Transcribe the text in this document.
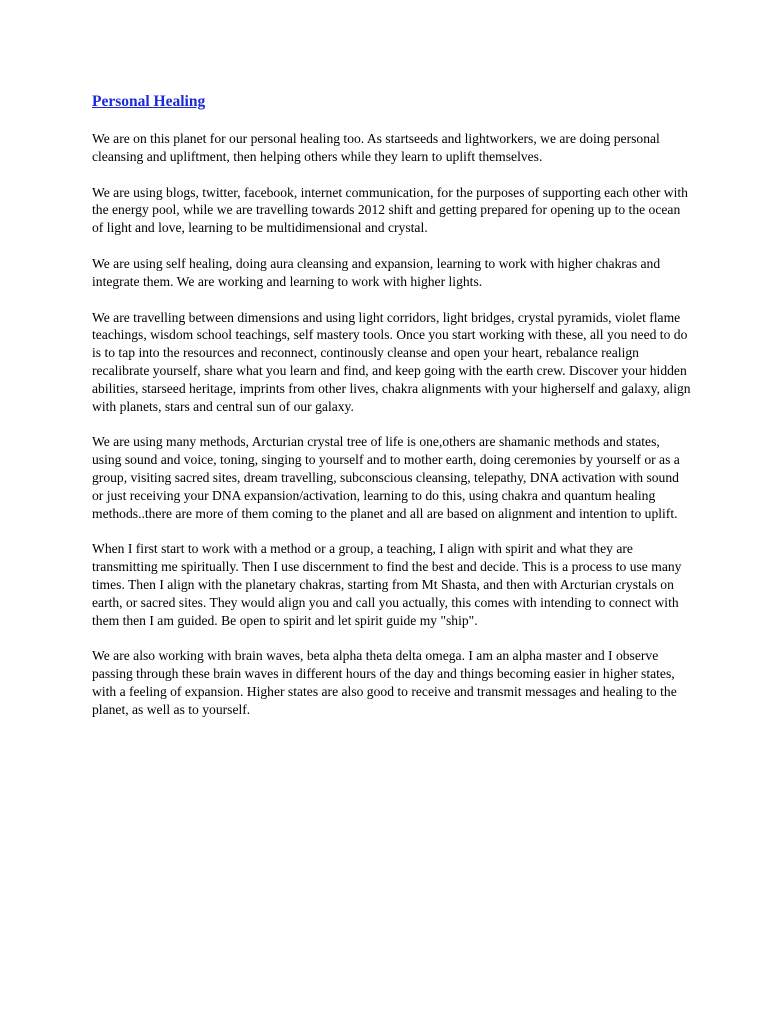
Personal Healing

We are on this planet for our personal healing too. As startseeds and lightworkers, we are doing personal cleansing and upliftment, then helping others while they learn to uplift themselves.

We are using blogs, twitter, facebook, internet communication, for the purposes of supporting each other with the energy pool, while we are travelling towards 2012 shift and getting prepared for opening up to the ocean of light and love, learning to be multidimensional and crystal.

We are using self healing, doing aura cleansing and expansion, learning to work with higher chakras and integrate them. We are working and learning to work with higher lights.

We are travelling between dimensions and using light corridors, light bridges, crystal pyramids, violet flame teachings, wisdom school teachings, self mastery tools. Once you start working with these, all you need to do is to tap into the resources and reconnect, continously cleanse and open your heart, rebalance realign recalibrate yourself, share what you learn and find, and keep going with the earth crew. Discover your hidden abilities, starseed heritage, imprints from other lives, chakra alignments with your higherself and galaxy, align with planets, stars and central sun of our galaxy.

We are using many methods, Arcturian crystal tree of life is one,others are shamanic methods and states, using sound and voice, toning, singing to yourself and to mother earth, doing ceremonies by yourself or as a group, visiting sacred sites, dream travelling, subconscious cleansing, telepathy, DNA activation with sound or just receiving your DNA expansion/activation, learning to do this, using chakra and quantum healing methods..there are more of them coming to the planet and all are based on alignment and intention to uplift.

When I first start to work with a method or a group, a teaching, I align with spirit and what they are transmitting me spiritually. Then I use discernment to find the best and decide. This is a process to use many times. Then I align with the planetary chakras, starting from Mt Shasta, and then with Arcturian crystals on earth, or sacred sites. They would align you and call you actually, this comes with intending to connect with them then I am guided. Be open to spirit and let spirit guide my "ship".

We are also working with brain waves, beta alpha theta delta omega. I am an alpha master and I observe passing through these brain waves in different hours of the day and things becoming easier in higher states, with a feeling of expansion. Higher states are also good to receive and transmit messages and healing to the planet, as well as to yourself.
